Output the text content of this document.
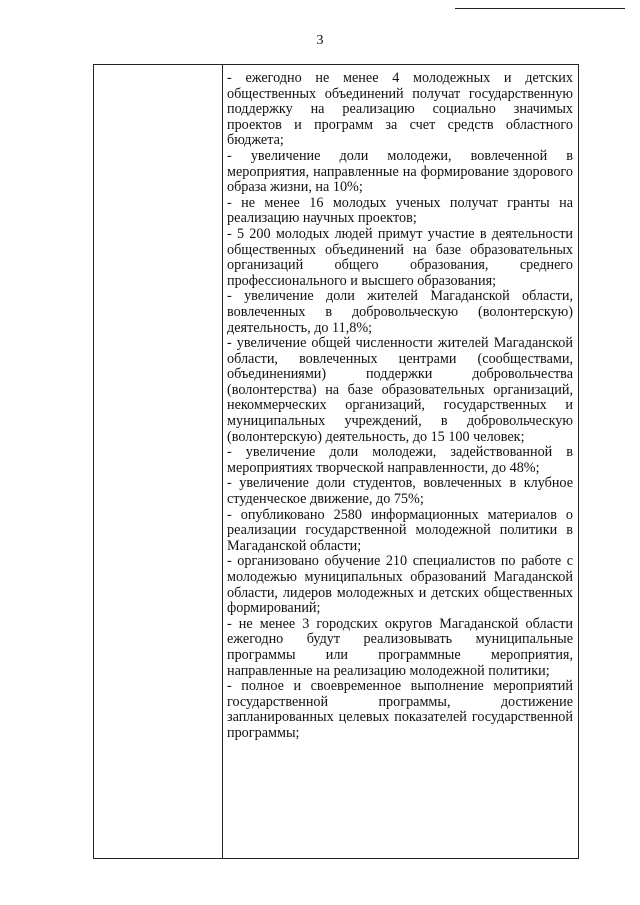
3

- ежегодно не менее 4 молодежных и детских общественных объединений получат государственную поддержку на реализацию социально значимых проектов и программ за счет средств областного бюджета;

- увеличение доли молодежи, вовлеченной в мероприятия, направленные на формирование здорового образа жизни, на 10%;

- не менее 16 молодых ученых получат гранты на реализацию научных проектов;

- 5 200 молодых людей примут участие в деятельности общественных объединений на базе образовательных организаций общего образования, среднего профессионального и высшего образования;

- увеличение доли жителей Магаданской области, вовлеченных в добровольческую (волонтерскую) деятельность, до 11,8%;

- увеличение общей численности жителей Магаданской области, вовлеченных центрами (сообществами, объединениями) поддержки добровольчества (волонтерства) на базе образовательных организаций, некоммерческих организаций, государственных и муниципальных учреждений, в добровольческую (волонтерскую) деятельность, до 15 100 человек;

- увеличение доли молодежи, задействованной в мероприятиях творческой направленности, до 48%;

- увеличение доли студентов, вовлеченных в клубное студенческое движение, до 75%;

- опубликовано 2580 информационных материалов о реализации государственной молодежной политики в Магаданской области;

- организовано обучение 210 специалистов по работе с молодежью муниципальных образований Магаданской области, лидеров молодежных и детских общественных формирований;

- не менее 3 городских округов Магаданской области ежегодно будут реализовывать муниципальные программы или программные мероприятия, направленные на реализацию молодежной политики;

- полное и своевременное выполнение мероприятий государственной программы, достижение запланированных целевых показателей государственной программы;
